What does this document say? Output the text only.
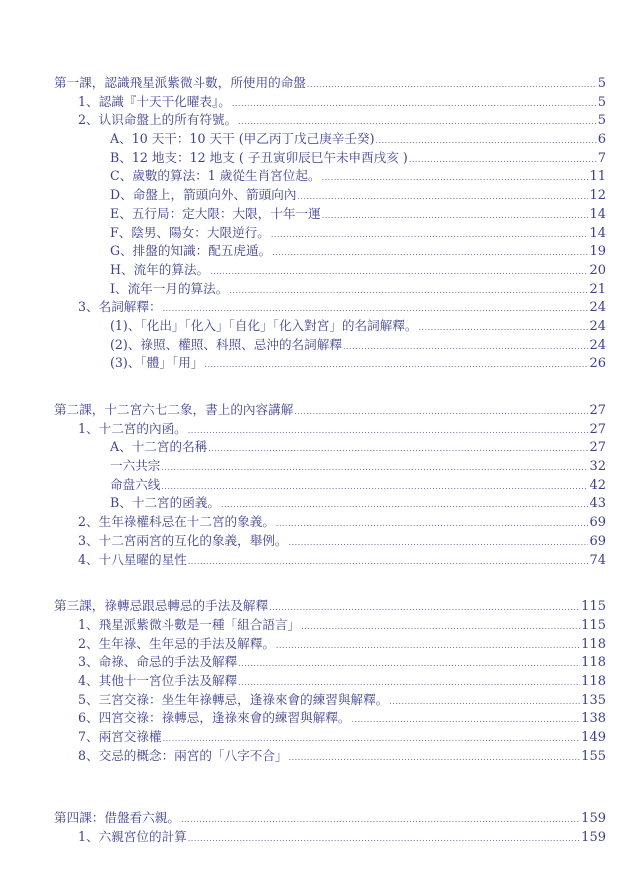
第一課，認識飛星派紫微斗數，所使用的命盤 .....	5
1、認識『十天干化曜表』。 .....	5
2、认识命盤上的所有符號。 .....	5
A、10 天干：10 天干 (甲乙丙丁戊己庚辛壬癸) .....	6
B、12 地支：12 地支 ( 子丑寅卯辰巳午未申酉戌亥 ) .....	7
C、歲數的算法：1 歲從生肖宮位起。 .....	11
D、命盤上，箭頭向外、箭頭向內 .....	12
E、五行局：定大限：大限，十年一運 .....	14
F、陰男、陽女：大限逆行。 .....	14
G、排盤的知識：配五虎遁。 .....	19
H、流年的算法。 .....	20
I、流年一月的算法。 .....	21
3、名詞解釋： .....	24
(1)、「化出」「化入」「自化」「化入對宮」的名詞解釋。 .....	24
(2)、祿照、權照、科照、忌沖的名詞解釋 .....	24
(3)、「體」「用」 .....	26
第二課，十二宮六七二象，書上的內容講解 .....	27
1、十二宮的內函。 .....	27
A、十二宮的名稱 .....	27
一六共宗 .....	32
命盘六线 .....	42
B、十二宮的函義。 .....	43
2、生年祿權科忌在十二宮的象義。 .....	69
3、十二宮兩宮的互化的象義，舉例。 .....	69
4、十八星曜的星性 .....	74
第三課，祿轉忌跟忌轉忌的手法及解釋 .....	115
1、飛星派紫微斗數是一種「組合語言」 .....	115
2、生年祿、生年忌的手法及解釋。 .....	118
3、命祿、命忌的手法及解釋 .....	118
4、其他十一宮位手法及解釋 .....	118
5、三宮交祿：坐生年祿轉忌，逢祿來會的練習與解釋。 .....	135
6、四宮交祿：祿轉忌，逢祿來會的練習與解釋。 .....	138
7、兩宮交祿權 .....	149
8、交忌的概念：兩宮的「八字不合」 .....	155
第四課：借盤看六親。 .....	159
1、六親宮位的計算 .....	159
